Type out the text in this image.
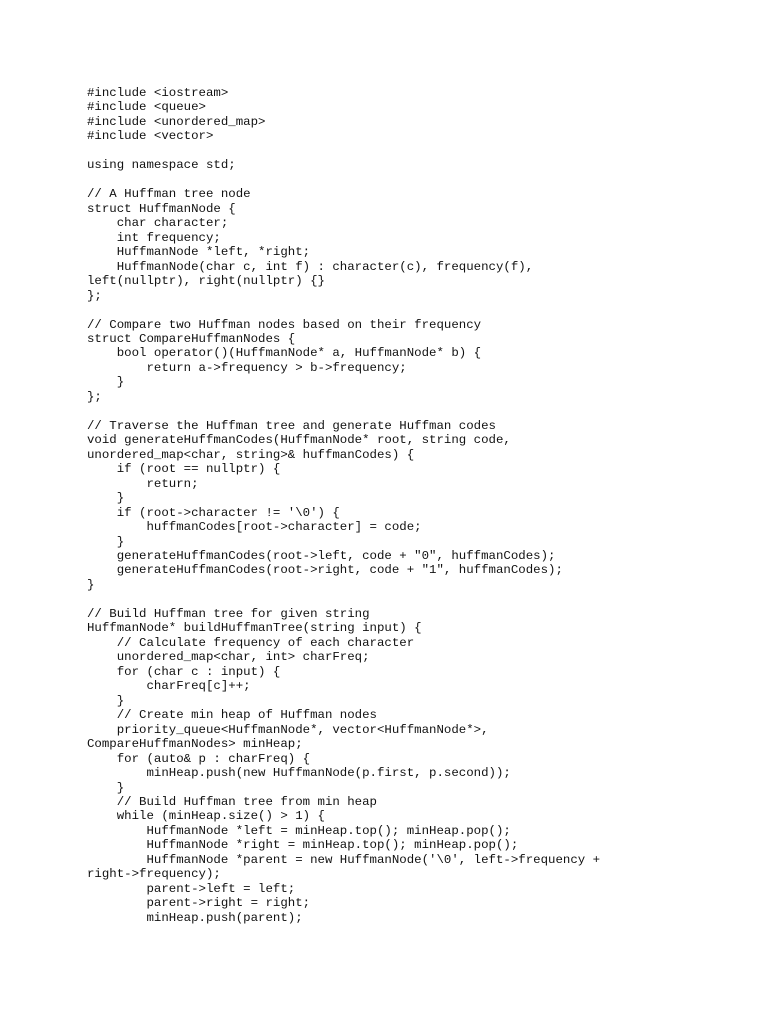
#include <iostream>
#include <queue>
#include <unordered_map>
#include <vector>
using namespace std;
// A Huffman tree node
struct HuffmanNode {
char character;
int frequency;
HuffmanNode *left, *right;
HuffmanNode(char c, int f) : character(c), frequency(f),
left(nullptr), right(nullptr) {}
};
// Compare two Huffman nodes based on their frequency
struct CompareHuffmanNodes {
bool operator()(HuffmanNode* a, HuffmanNode* b) {
return a->frequency > b->frequency;
}
};
// Traverse the Huffman tree and generate Huffman codes
void generateHuffmanCodes(HuffmanNode* root, string code,
unordered_map<char, string>& huffmanCodes) {
if (root == nullptr) {
return;
}
if (root->character != '\0') {
huffmanCodes[root->character] = code;
}
generateHuffmanCodes(root->left, code + "0", huffmanCodes);
generateHuffmanCodes(root->right, code + "1", huffmanCodes);
}
// Build Huffman tree for given string
HuffmanNode* buildHuffmanTree(string input) {
// Calculate frequency of each character
unordered_map<char, int> charFreq;
for (char c : input) {
charFreq[c]++;
}
// Create min heap of Huffman nodes
priority_queue<HuffmanNode*, vector<HuffmanNode*>,
CompareHuffmanNodes> minHeap;
for (auto& p : charFreq) {
minHeap.push(new HuffmanNode(p.first, p.second));
}
// Build Huffman tree from min heap
while (minHeap.size() > 1) {
HuffmanNode *left = minHeap.top(); minHeap.pop();
HuffmanNode *right = minHeap.top(); minHeap.pop();
HuffmanNode *parent = new HuffmanNode('\0', left->frequency +
right->frequency);
parent->left = left;
parent->right = right;
minHeap.push(parent);
